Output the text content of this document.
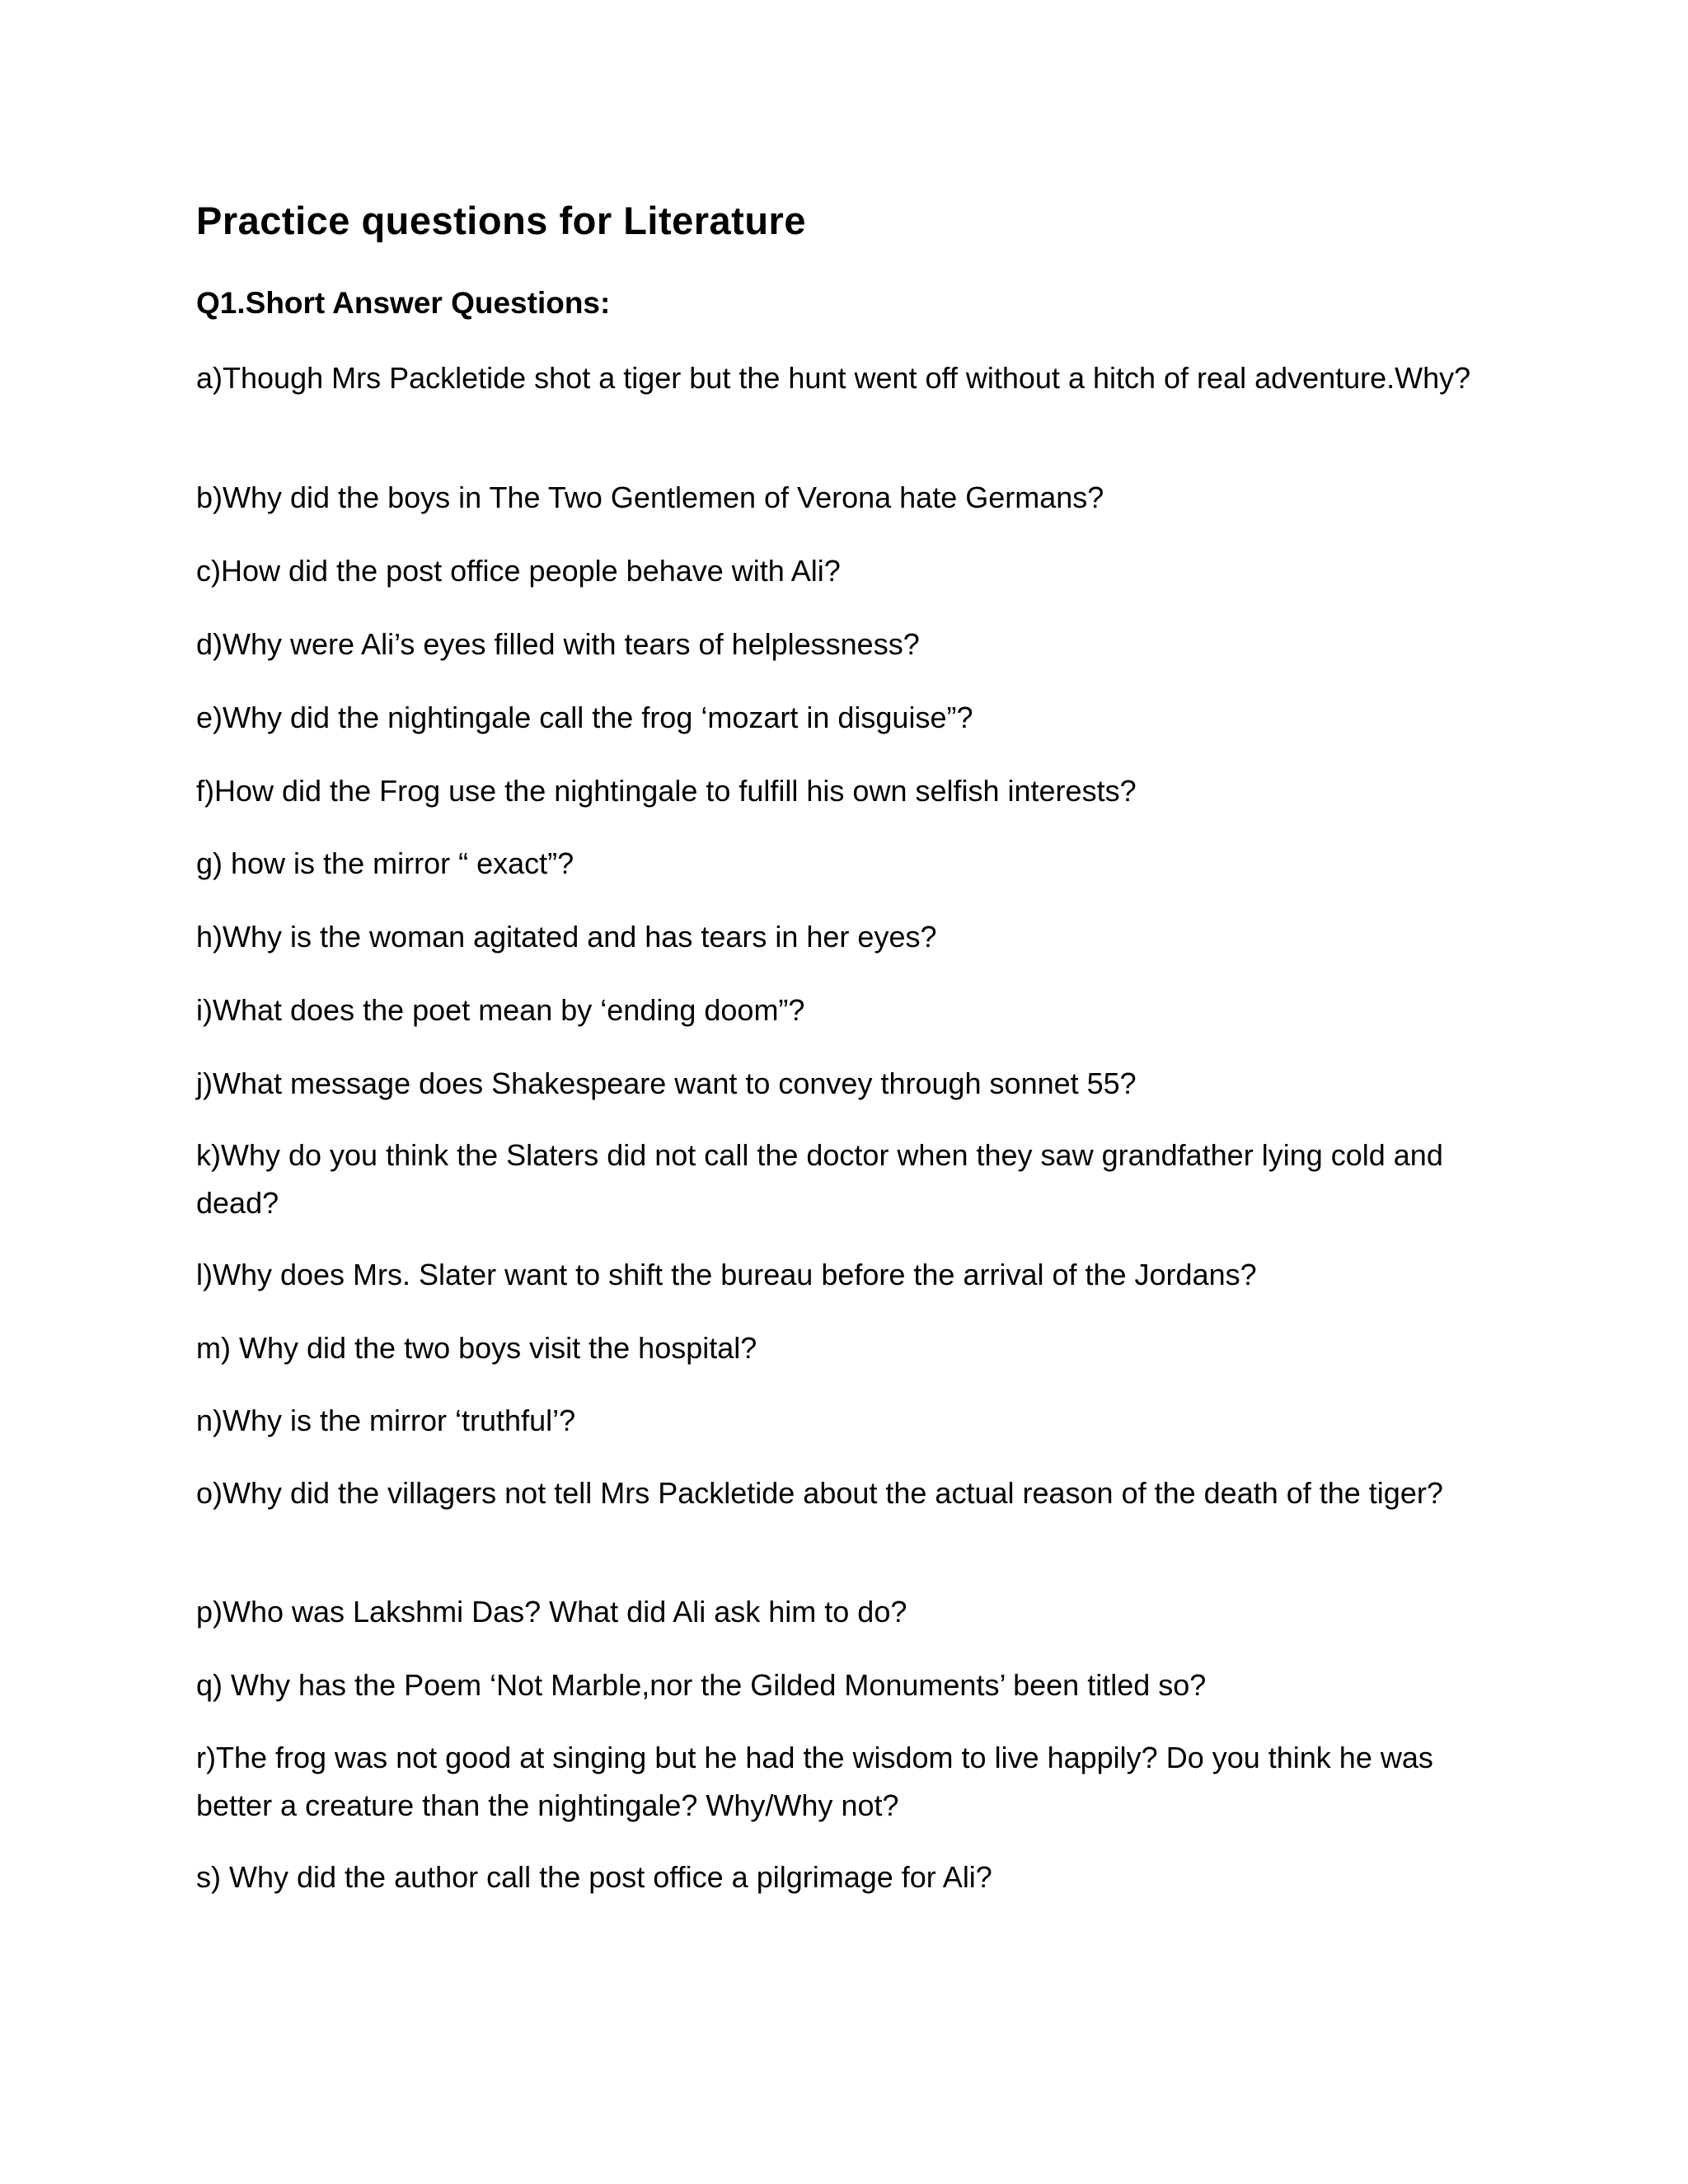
Practice questions for Literature
Q1.Short Answer Questions:
a)Though Mrs Packletide shot a tiger but the hunt went off without a hitch of real adventure.Why?
b)Why did the boys in The Two Gentlemen of Verona hate Germans?
c)How did the post office people behave with Ali?
d)Why were Ali’s eyes filled with tears of helplessness?
e)Why did the nightingale call the frog ‘mozart in disguise”?
f)How did the Frog use the nightingale to fulfill his own selfish interests?
g) how is the mirror “ exact”?
h)Why is the woman agitated and has tears in her eyes?
i)What does the poet mean by ‘ending doom”?
j)What message does Shakespeare want to convey through sonnet 55?
k)Why do you think the Slaters did not call the doctor when they saw grandfather lying cold and dead?
l)Why does Mrs. Slater want to shift the bureau before the arrival of the Jordans?
m) Why did the two boys visit the hospital?
n)Why is the mirror ‘truthful’?
o)Why did the villagers not tell Mrs Packletide about the actual reason of the death of the tiger?
p)Who was Lakshmi Das? What did Ali ask him to do?
q) Why has the Poem ‘Not Marble,nor the Gilded Monuments’ been titled so?
r)The frog was not good at singing but he had the wisdom to live happily? Do you think he was better a creature than the nightingale? Why/Why not?
s) Why did the author call the post office a pilgrimage for Ali?
